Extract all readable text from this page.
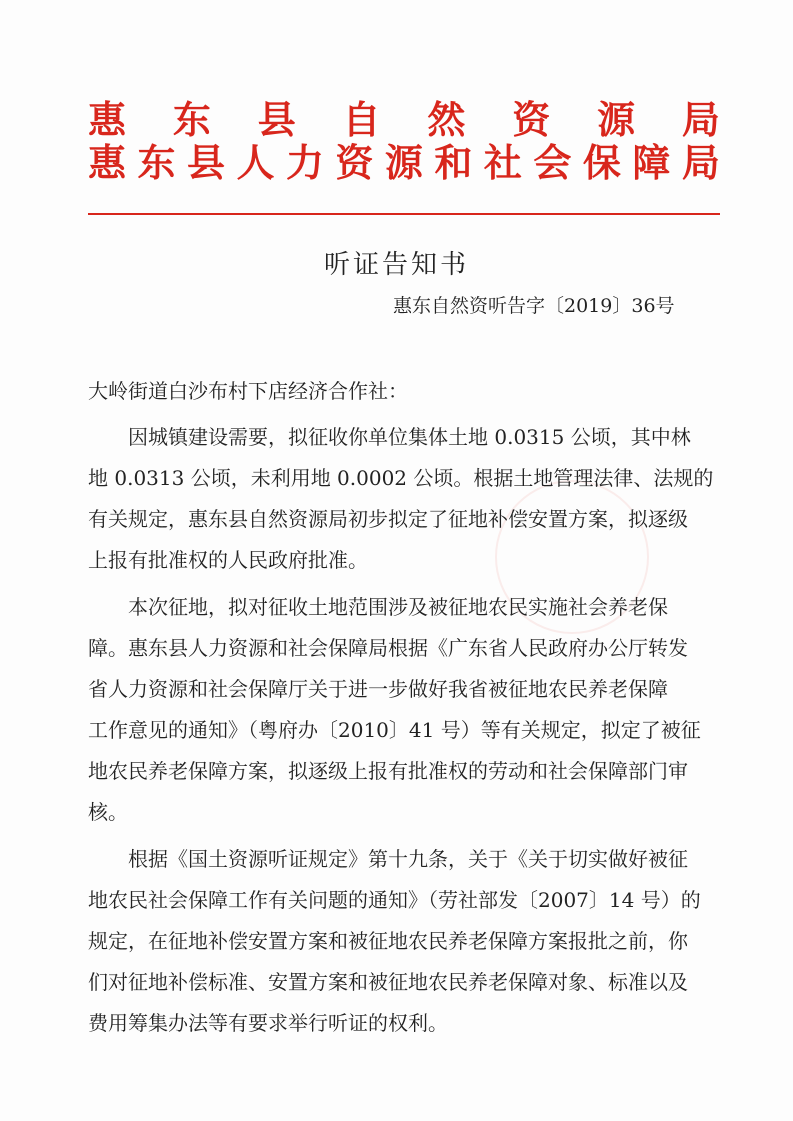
惠 东 县 自 然 资 源 局
惠 东 县 人 力 资 源 和 社 会 保 障 局
听证告知书
惠东自然资听告字〔2019〕36号
大岭街道白沙布村下店经济合作社：
因城镇建设需要，拟征收你单位集体土地 0.0315 公顷，其中林
地 0.0313 公顷，未利用地 0.0002 公顷。根据土地管理法律、法规的
有关规定，惠东县自然资源局初步拟定了征地补偿安置方案，拟逐级
上报有批准权的人民政府批准。
本次征地，拟对征收土地范围涉及被征地农民实施社会养老保
障。惠东县人力资源和社会保障局根据《广东省人民政府办公厅转发
省人力资源和社会保障厅关于进一步做好我省被征地农民养老保障
工作意见的通知》（粤府办〔2010〕41 号）等有关规定，拟定了被征
地农民养老保障方案，拟逐级上报有批准权的劳动和社会保障部门审
核。
根据《国土资源听证规定》第十九条，关于《关于切实做好被征
地农民社会保障工作有关问题的通知》（劳社部发〔2007〕14 号）的
规定，在征地补偿安置方案和被征地农民养老保障方案报批之前，你
们对征地补偿标准、安置方案和被征地农民养老保障对象、标准以及
费用筹集办法等有要求举行听证的权利。
